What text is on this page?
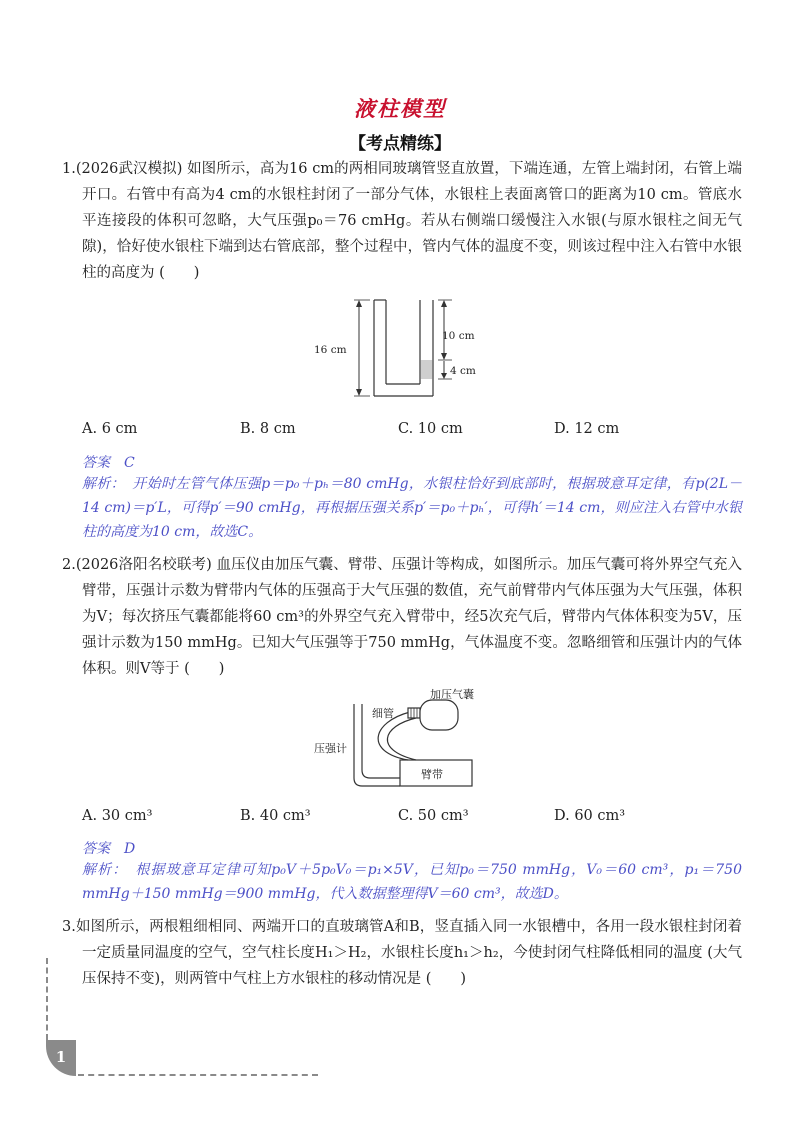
液柱模型
【考点精练】
1.(2026武汉模拟) 如图所示，高为16 cm的两相同玻璃管竖直放置，下端连通，左管上端封闭，右管上端开口。右管中有高为4 cm的水银柱封闭了一部分气体，水银柱上表面离管口的距离为10 cm。管底水平连接段的体积可忽略，大气压强p₀＝76 cmHg。若从右侧端口缓慢注入水银(与原水银柱之间无气隙)，恰好使水银柱下端到达右管底部，整个过程中，管内气体的温度不变，则该过程中注入右管中水银柱的高度为 (　　)
16 cm
10 cm
4 cm
A. 6 cm	B. 8 cm	C. 10 cm	D. 12 cm
答案　C
解析：　开始时左管气体压强p＝p₀＋pₕ＝80 cmHg，水银柱恰好到底部时，根据玻意耳定律，有p(2L－14 cm)＝p′L，可得p′＝90 cmHg，再根据压强关系p′＝p₀＋pₕ′，可得h′＝14 cm，则应注入右管中水银柱的高度为10 cm，故选C。
2.(2026洛阳名校联考) 血压仪由加压气囊、臂带、压强计等构成，如图所示。加压气囊可将外界空气充入臂带，压强计示数为臂带内气体的压强高于大气压强的数值，充气前臂带内气体压强为大气压强，体积为V；每次挤压气囊都能将60 cm³的外界空气充入臂带中，经5次充气后，臂带内气体体积变为5V，压强计示数为150 mmHg。已知大气压强等于750 mmHg，气体温度不变。忽略细管和压强计内的气体体积。则V等于 (　　)
臂带
加压气囊
细管
压强计
A. 30 cm³	B. 40 cm³	C. 50 cm³	D. 60 cm³
答案　D
解析：　根据玻意耳定律可知p₀V＋5p₀V₀＝p₁×5V，已知p₀＝750 mmHg，V₀＝60 cm³，p₁＝750 mmHg＋150 mmHg＝900 mmHg，代入数据整理得V＝60 cm³，故选D。
3.如图所示，两根粗细相同、两端开口的直玻璃管A和B，竖直插入同一水银槽中，各用一段水银柱封闭着一定质量同温度的空气，空气柱长度H₁＞H₂，水银柱长度h₁＞h₂，今使封闭气柱降低相同的温度 (大气压保持不变)，则两管中气柱上方水银柱的移动情况是 (　　)
1
